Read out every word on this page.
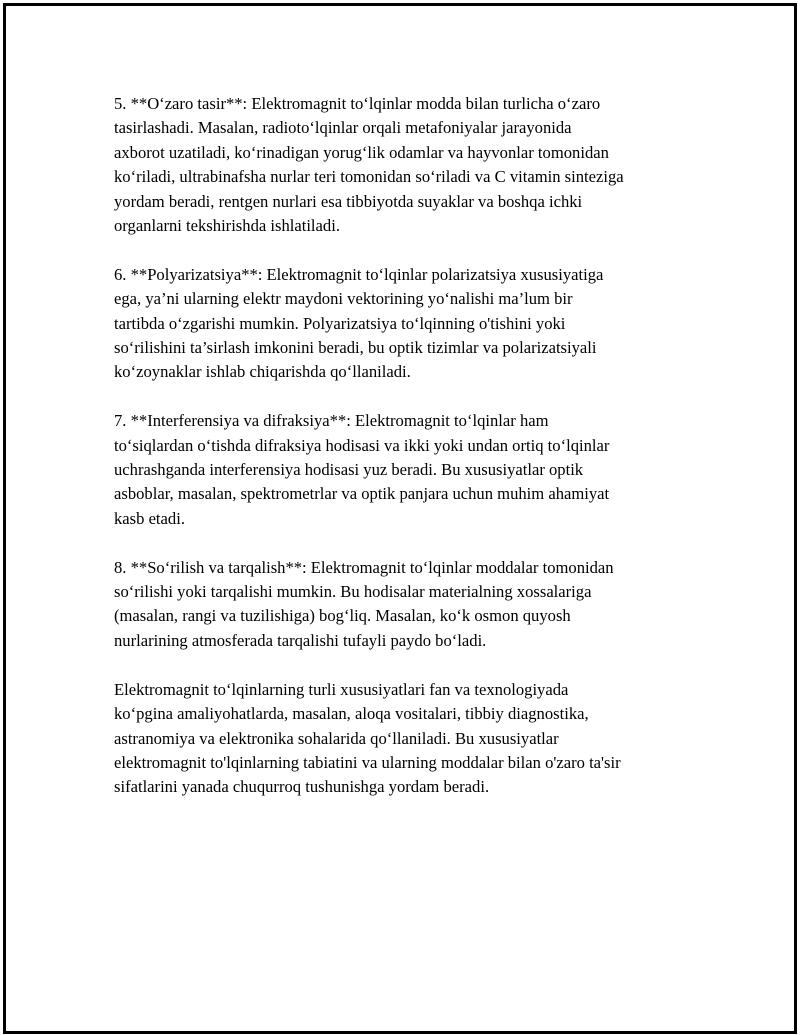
5. **O‘zaro tasir**: Elektromagnit to‘lqinlar modda bilan turlicha o‘zaro
tasirlashadi. Masalan, radioto‘lqinlar orqali metafoniyalar jarayonida
axborot uzatiladi, ko‘rinadigan yorug‘lik odamlar va hayvonlar tomonidan
ko‘riladi, ultrabinafsha nurlar teri tomonidan so‘riladi va C vitamin sinteziga
yordam beradi, rentgen nurlari esa tibbiyotda suyaklar va boshqa ichki
organlarni tekshirishda ishlatiladi.

6. **Polyarizatsiya**: Elektromagnit to‘lqinlar polarizatsiya xususiyatiga
ega, ya’ni ularning elektr maydoni vektorining yo‘nalishi ma’lum bir
tartibda o‘zgarishi mumkin. Polyarizatsiya to‘lqinning o'tishini yoki
so‘rilishini ta’sirlash imkonini beradi, bu optik tizimlar va polarizatsiyali
ko‘zoynaklar ishlab chiqarishda qo‘llaniladi.

7. **Interferensiya va difraksiya**: Elektromagnit to‘lqinlar ham
to‘siqlardan o‘tishda difraksiya hodisasi va ikki yoki undan ortiq to‘lqinlar
uchrashganda interferensiya hodisasi yuz beradi. Bu xususiyatlar optik
asboblar, masalan, spektrometrlar va optik panjara uchun muhim ahamiyat
kasb etadi.

8. **So‘rilish va tarqalish**: Elektromagnit to‘lqinlar moddalar tomonidan
so‘rilishi yoki tarqalishi mumkin. Bu hodisalar materialning xossalariga
(masalan, rangi va tuzilishiga) bog‘liq. Masalan, ko‘k osmon quyosh
nurlarining atmosferada tarqalishi tufayli paydo bo‘ladi.

Elektromagnit to‘lqinlarning turli xususiyatlari fan va texnologiyada
ko‘pgina amaliyohatlarda, masalan, aloqa vositalari, tibbiy diagnostika,
astranomiya va elektronika sohalarida qo‘llaniladi. Bu xususiyatlar
elektromagnit to'lqinlarning tabiatini va ularning moddalar bilan o'zaro ta'sir
sifatlarini yanada chuqurroq tushunishga yordam beradi.
